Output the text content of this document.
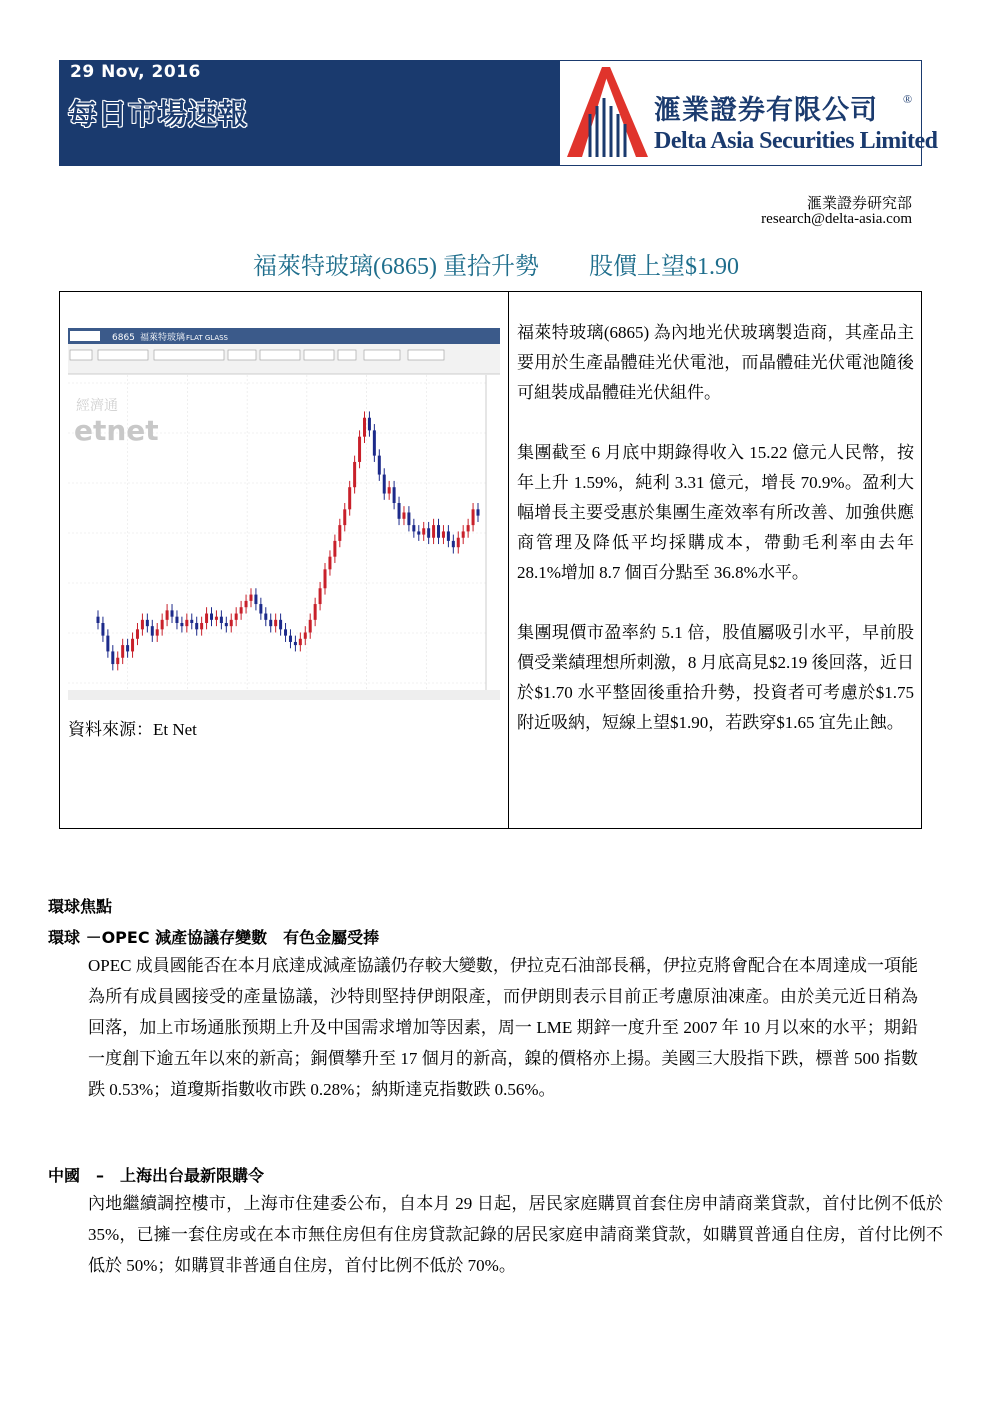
29 Nov, 2016
每日市場速報	滙業證券有限公司 ®
Delta Asia Securities Limited
滙業證券研究部
research@delta-asia.com
福萊特玻璃(6865) 重拾升勢 股價上望$1.90
6865 福萊特玻璃 FLAT GLASS
經濟通
etnet
資料來源：Et Net

福萊特玻璃(6865) 為內地光伏玻璃製造商，其產品主要用於生產晶體硅光伏電池，而晶體硅光伏電池隨後可組裝成晶體硅光伏組件。

集團截至 6 月底中期錄得收入 15.22 億元人民幣，按年上升 1.59%，純利 3.31 億元，增長 70.9%。盈利大幅增長主要受惠於集團生產效率有所改善、加強供應商管理及降低平均採購成本，帶動毛利率由去年 28.1%增加 8.7 個百分點至 36.8%水平。

集團現價市盈率約 5.1 倍，股值屬吸引水平，早前股價受業績理想所刺激，8 月底高見$2.19 後回落，近日於$1.70 水平整固後重拾升勢，投資者可考慮於$1.75 附近吸納，短線上望$1.90，若跌穿$1.65 宜先止蝕。

環球焦點
環球 －OPEC 減產協議存變數　有色金屬受捧
OPEC 成員國能否在本月底達成減產協議仍存較大變數，伊拉克石油部長稱，伊拉克將會配合在本周達成一項能為所有成員國接受的產量協議，沙特則堅持伊朗限產，而伊朗則表示目前正考慮原油凍產。由於美元近日稍為回落，加上市场通胀预期上升及中国需求增加等因素，周一 LME 期鋅一度升至 2007 年 10 月以來的水平；期鉛一度創下逾五年以來的新高；銅價攀升至 17 個月的新高，鎳的價格亦上揚。美國三大股指下跌，標普 500 指數跌 0.53%；道瓊斯指數收市跌 0.28%；納斯達克指數跌 0.56%。
中國　–　上海出台最新限購令
內地繼續調控樓市，上海市住建委公布，自本月 29 日起，居民家庭購買首套住房申請商業貸款，首付比例不低於 35%，已擁一套住房或在本市無住房但有住房貸款記錄的居民家庭申請商業貸款，如購買普通自住房，首付比例不低於 50%；如購買非普通自住房，首付比例不低於 70%。
